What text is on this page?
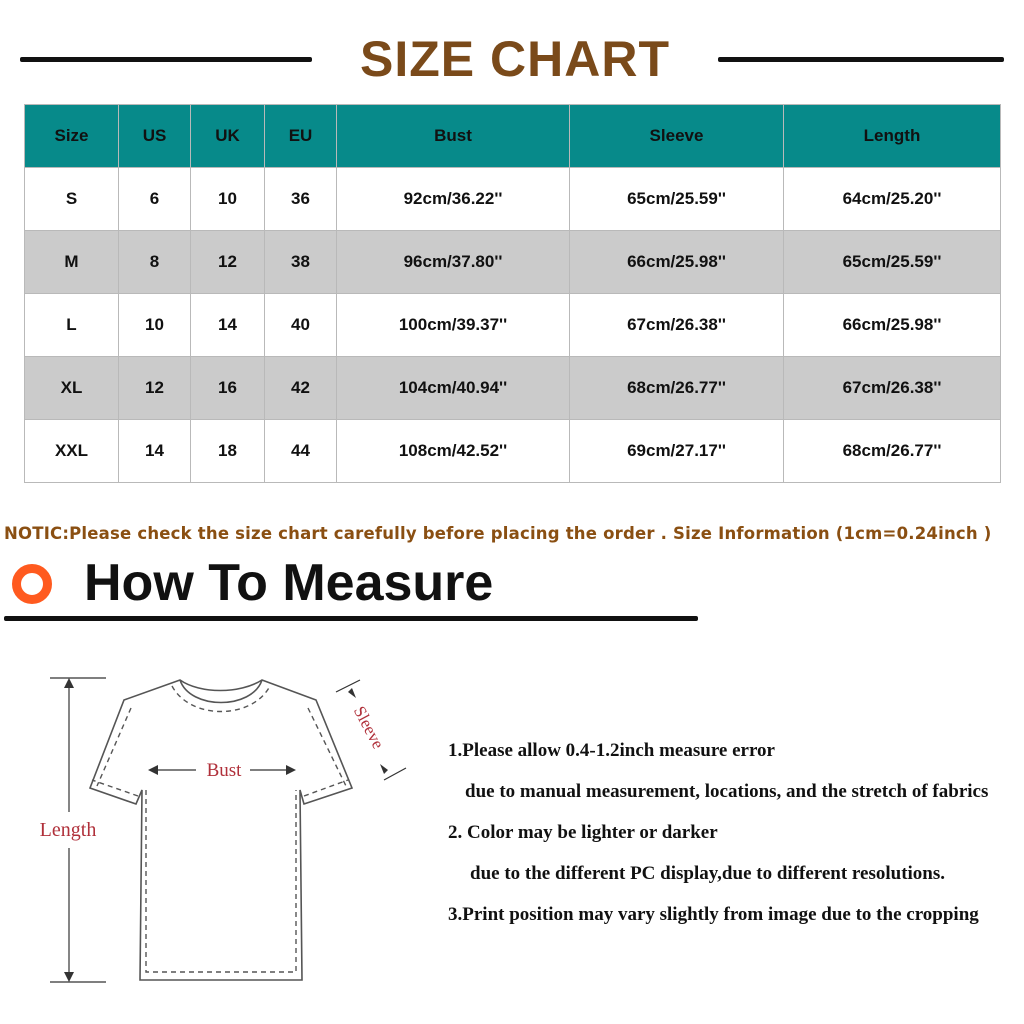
SIZE CHART
Size	US	UK	EU	Bust	Sleeve	Length
S	6	10	36	92cm/36.22''	65cm/25.59''	64cm/25.20''
M	8	12	38	96cm/37.80''	66cm/25.98''	65cm/25.59''
L	10	14	40	100cm/39.37''	67cm/26.38''	66cm/25.98''
XL	12	16	42	104cm/40.94''	68cm/26.77''	67cm/26.38''
XXL	14	18	44	108cm/42.52''	69cm/27.17''	68cm/26.77''
NOTIC:Please check the size chart carefully before placing the order . Size Information (1cm=0.24inch )
How To Measure
Length
Bust
Sleeve	1.Please allow 0.4-1.2inch measure error
due to manual measurement, locations, and the stretch of fabrics
2. Color may be lighter or darker
due to the different PC display,due to different resolutions.
3.Print position may vary slightly from image due to the cropping
